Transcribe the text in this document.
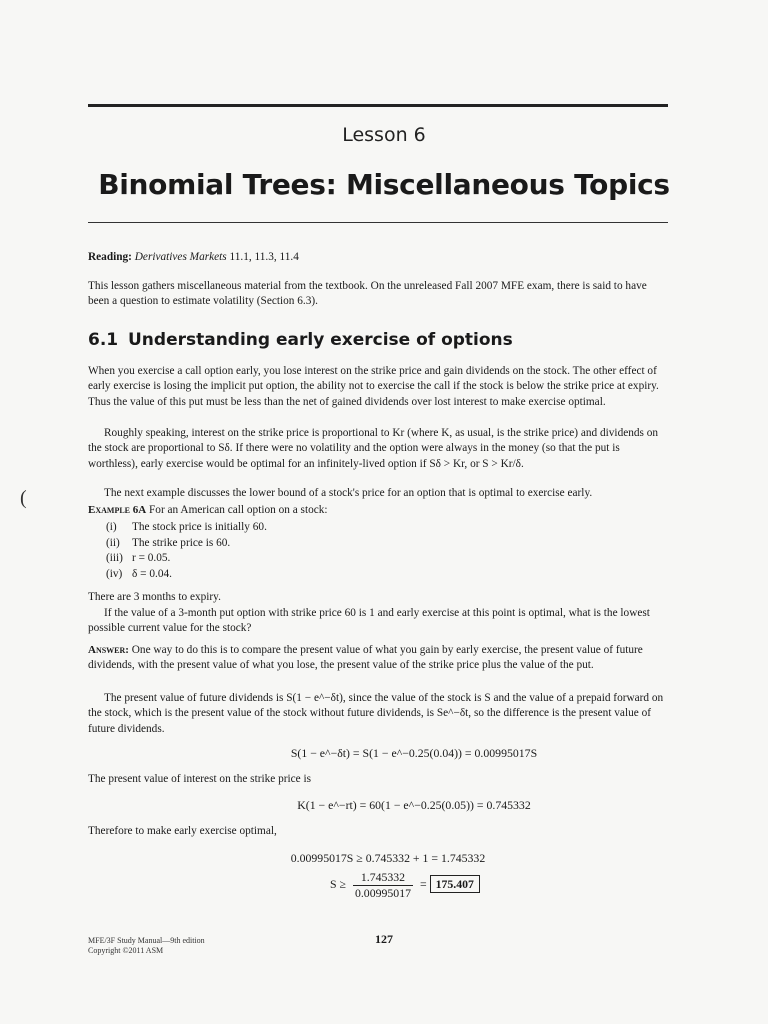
Lesson 6
Binomial Trees: Miscellaneous Topics
Reading: Derivatives Markets 11.1, 11.3, 11.4
This lesson gathers miscellaneous material from the textbook. On the unreleased Fall 2007 MFE exam, there is said to have been a question to estimate volatility (Section 6.3).
6.1 Understanding early exercise of options
When you exercise a call option early, you lose interest on the strike price and gain dividends on the stock. The other effect of early exercise is losing the implicit put option, the ability not to exercise the call if the stock is below the strike price at expiry. Thus the value of this put must be less than the net of gained dividends over lost interest to make exercise optimal.
Roughly speaking, interest on the strike price is proportional to Kr (where K, as usual, is the strike price) and dividends on the stock are proportional to Sδ. If there were no volatility and the option were always in the money (so that the put is worthless), early exercise would be optimal for an infinitely-lived option if Sδ > Kr, or S > Kr/δ.
The next example discusses the lower bound of a stock's price for an option that is optimal to exercise early.
(
Example 6A For an American call option on a stock:
(i) The stock price is initially 60.
(ii) The strike price is 60.
(iii) r = 0.05.
(iv) δ = 0.04.
There are 3 months to expiry.
If the value of a 3-month put option with strike price 60 is 1 and early exercise at this point is optimal, what is the lowest possible current value for the stock?
Answer: One way to do this is to compare the present value of what you gain by early exercise, the present value of future dividends, with the present value of what you lose, the present value of the strike price plus the value of the put.
The present value of future dividends is S(1 − e^−δt), since the value of the stock is S and the value of a prepaid forward on the stock, which is the present value of the stock without future dividends, is Se^−δt, so the difference is the present value of future dividends.
S(1 − e^−δt) = S(1 − e^−0.25(0.04)) = 0.00995017S
The present value of interest on the strike price is
K(1 − e^−rt) = 60(1 − e^−0.25(0.05)) = 0.745332
Therefore to make early exercise optimal,
0.00995017S ≥ 0.745332 + 1 = 1.745332
$S \ge \frac{1.745332}{0.00995017} = 175.407$
MFE/3F Study Manual—9th edition
Copyright ©2011 ASM
127
